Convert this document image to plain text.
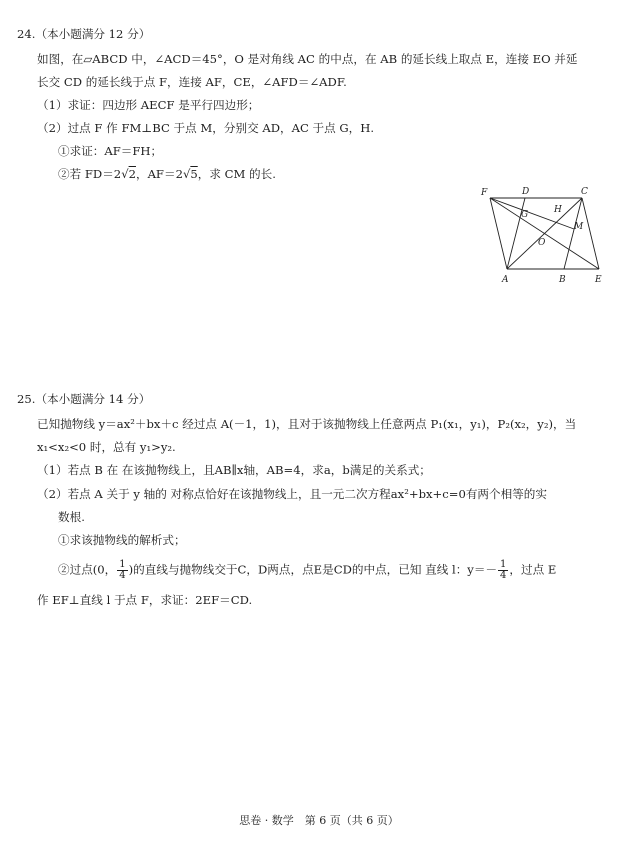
24.（本小题满分 12 分）
如图，在▱ABCD 中，∠ACD＝45°，O 是对角线 AC 的中点，在 AB 的延长线上取点 E，连接 EO 并延
长交 CD 的延长线于点 F，连接 AF，CE，∠AFD＝∠ADF.
（1）求证：四边形 AECF 是平行四边形；
（2）过点 F 作 FM⊥BC 于点 M，分别交 AD，AC 于点 G，H.
①求证：AF＝FH；
②若 FD＝2√2，AF＝2√5，求 CM 的长.
F	D	C
G	H
M
O
A	B	E
25.（本小题满分 14 分）
已知抛物线 y＝ax²＋bx＋c 经过点 A(－1，1)，且对于该抛物线上任意两点 P₁(x₁，y₁)，P₂(x₂，y₂)，当
x₁<x₂<0 时，总有 y₁>y₂.
（1）若点 B 在 在该抛物线上，且AB∥x轴，AB=4，求a，b满足的关系式；
（2）若点 A 关于 y 轴的 对称点恰好在该抛物线上，且一元二次方程ax²+bx+c=0有两个相等的实
数根.
①求该抛物线的解析式；
②过点(0， $\frac{1}{4}$ )的直线与抛物线交于C，D两点，点E是CD的中点，已知 直线 l：$y=- \frac{1}{4}$ ，过点 E
作 EF⊥直线 l 于点 F，求证：2EF＝CD.
思卷 · 数学　第 6 页（共 6 页）
